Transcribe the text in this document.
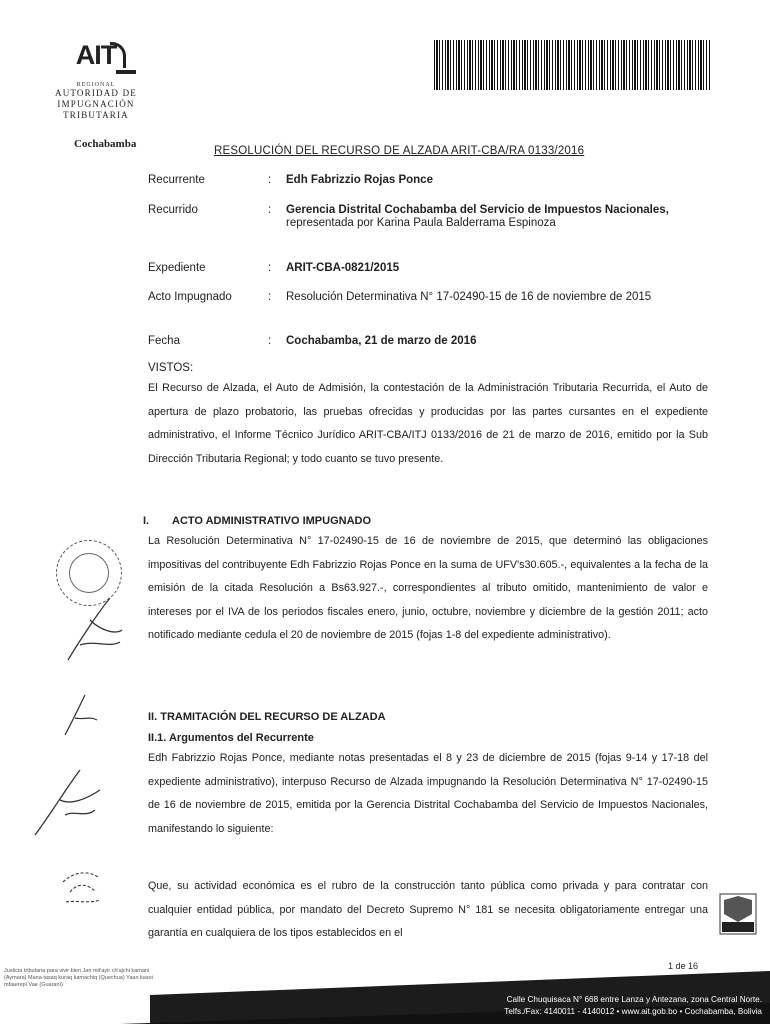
AIT
REGIONAL
AUTORIDAD DE
IMPUGNACIÓN TRIBUTARIA
Cochabamba
RESOLUCIÓN DEL RECURSO DE ALZADA ARIT-CBA/RA 0133/2016
Recurrente	: Edh Fabrizzio Rojas Ponce
Recurrido	: Gerencia Distrital Cochabamba del Servicio de Impuestos Nacionales, representada por Karina Paula Balderrama Espinoza
Expediente	: ARIT-CBA-0821/2015
Acto Impugnado	: Resolución Determinativa N° 17-02490-15 de 16 de noviembre de 2015
Fecha	: Cochabamba, 21 de marzo de 2016
VISTOS:
El Recurso de Alzada, el Auto de Admisión, la contestación de la Administración Tributaria Recurrida, el Auto de apertura de plazo probatorio, las pruebas ofrecidas y producidas por las partes cursantes en el expediente administrativo, el Informe Técnico Jurídico ARIT-CBA/ITJ 0133/2016 de 21 de marzo de 2016, emitido por la Sub Dirección Tributaria Regional; y todo cuanto se tuvo presente.
I. ACTO ADMINISTRATIVO IMPUGNADO
La Resolución Determinativa N° 17-02490-15 de 16 de noviembre de 2015, que determinó las obligaciones impositivas del contribuyente Edh Fabrizzio Rojas Ponce en la suma de UFV's30.605.-, equivalentes a la fecha de la emisión de la citada Resolución a Bs63.927.-, correspondientes al tributo omitido, mantenimiento de valor e intereses por el IVA de los periodos fiscales enero, junio, octubre, noviembre y diciembre de la gestión 2011; acto notificado mediante cedula el 20 de noviembre de 2015 (fojas 1-8 del expediente administrativo).
II. TRAMITACIÓN DEL RECURSO DE ALZADA
II.1. Argumentos del Recurrente
Edh Fabrizzio Rojas Ponce, mediante notas presentadas el 8 y 23 de diciembre de 2015 (fojas 9-14 y 17-18 del expediente administrativo), interpuso Recurso de Alzada impugnando la Resolución Determinativa N° 17-02490-15 de 16 de noviembre de 2015, emitida por la Gerencia Distrital Cochabamba del Servicio de Impuestos Nacionales, manifestando lo siguiente:
Que, su actividad económica es el rubro de la construcción tanto pública como privada y para contratar con cualquier entidad pública, por mandato del Decreto Supremo N° 181 se necesita obligatoriamente entregar una garantía en cualquiera de los tipos establecidos en el
1 de 16
Justicia tributaria para vivir bien Jan mit'ayir ch'ajchi kamani (Aymara) Mana tasaq kuraq kamachiq (Quechua) Yaan kasoi mbaerepi Vae (Guaraní)
Calle Chuquisaca N° 668 entre Lanza y Antezana, zona Central Norte.
Telfs./Fax: 4140011 - 4140012 • www.ait.gob.bo • Cochabamba, Bolivia
